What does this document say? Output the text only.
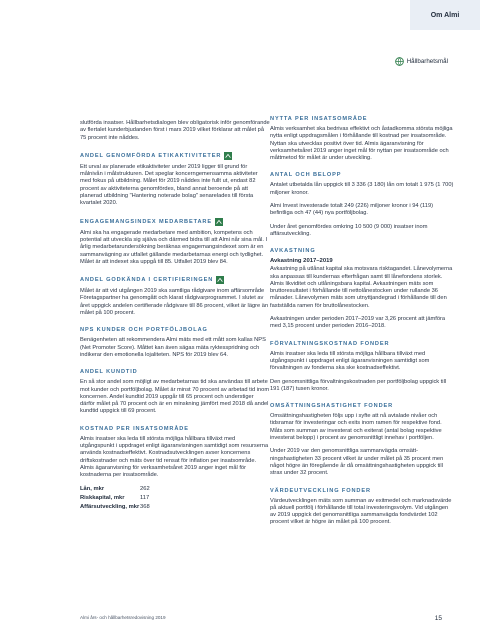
Om Almi
Hållbarhetsmål

slutförda insatser. Hållbarhetsdialogen blev obligatorisk inför genomförande av flertalet kunderbjudanden först i mars 2019 vilket förklarar att målet på 75 procent inte nåddes.

ANDEL GENOMFÖRDA ETIKAKTIVITETER

Ett urval av planerade etikaktiviteter under 2019 ligger till grund för målnivån i målstrukturen. Det speglar koncerngemensamma aktiviteter med fokus på utbildning. Målet för 2019 nåddes inte fullt ut, endast 82 procent av aktiviteterna genomfördes, bland annat beroende på att planerad utbildning "Hantering noterade bolag" senarelades till första kvartalet 2020.

ENGAGEMANGSINDEX MEDARBETARE

Almi ska ha engagerade medarbetare med ambition, kompetens och potential att utveckla sig själva och därmed bidra till att Almi når sina mål. I årlig medarbetarundersökning beräknas engagemangsindexet som är en sammanvägning av utfallet gällande medarbetarnas energi och tydlighet. Målet är att indexet ska uppgå till 85. Utfallet 2019 blev 84.

ANDEL GODKÄNDA I CERTIFIERINGEN

Målet är att vid utgången 2019 ska samtliga rådgivare inom affärsområde Företagspartner ha genomgått och klarat rådgivarprogrammet. I slutet av året uppgick andelen certifierade rådgivare till 86 procent, vilket är lägre än målet på 100 procent.

NPS KUNDER OCH PORTFÖLJBOLAG

Benägenheten att rekommendera Almi mäts med ett mått som kallas NPS (Net Promoter Score). Måttet kan även sägas mäta ryktesspridning och indikerar den emotionella lojaliteten. NPS för 2019 blev 64.

ANDEL KUNDTID

En så stor andel som möjligt av medarbetarnas tid ska användas till arbete mot kunder och portföljbolag. Målet är minst 70 procent av arbetad tid inom koncernen. Andel kundtid 2019 uppgår till 65 procent och understiger därför målet på 70 procent och är en minskning jämfört med 2018 då andel kundtid uppgick till 69 procent.

KOSTNAD PER INSATSOMRÅDE

Almis insatser ska leda till största möjliga hållbara tillväxt med utgångspunkt i uppdraget enligt ägaranvisningen samtidigt som resurserna används kostnadseffektivt. Kostnadsutvecklingen avser koncernens driftskostnader och mäts över tid rensat för inflation per insatsområde. Almis ägaranvisning för verksamhetsåret 2019 anger inget mål för kostnaderna per insatsområde.

Lån, mkr	262
Riskkapital, mkr	117
Affärsutveckling, mkr	368
NYTTA PER INSATSOMRÅDE

Almis verksamhet ska bedrivas effektivt och åstadkomma största möjliga nytta enligt uppdragsmålen i förhållande till kostnad per insatsområde. Nyttan ska utvecklas positivt över tid. Almis ägaranvisning för verksamhetsåret 2019 anger inget mål för nyttan per insatsområde och måttmetod för målet är under utveckling.

ANTAL OCH BELOPP

Antalet utbetalda lån uppgick till 3 336 (3 180) lån om totalt 1 975 (1 700) miljoner kronor.

Almi Invest investerade totalt 249 (226) miljoner kronor i 94 (119) befintliga och 47 (44) nya portföljbolag.

Under året genomfördes omkring 10 500 (9 000) insatser inom affärsutveckling.

AVKASTNING
Avkastning 2017–2019

Avkastning på utlånat kapital ska motsvara risktagandet. Lånevolymerna ska anpassas till kundernas efterfrågan samt till lånefondens storlek. Almis likviditet och utlåningsbara kapital. Avkastningen mäts som bruttoresultatet i förhållande till nettolånestocken under rullande 36 månader. Lånevolymen mäts som utnyttjandegrad i förhållande till den fastställda ramen för bruttolånestocken.

Avkastningen under perioden 2017–2019 var 3,26 procent att jämföra med 3,15 procent under perioden 2016–2018.

FÖRVALTNINGSKOSTNAD FONDER

Almis insatser ska leda till största möjliga hållbara tillväxt med utgångspunkt i uppdraget enligt ägaranvisningen samtidigt som förvaltningen av fonderna ska ske kostnadseffektivt.

Den genomsnittliga förvaltningskostnaden per portföljbolag uppgick till 191 (187) tusen kronor.

OMSÄTTNINGSHASTIGHET FONDER

Omsättningshastigheten följs upp i syfte att nå avtalade nivåer och tidsramar för investeringar och exits inom ramen för respektive fond. Måts som summan av investerat och exiterat (antal bolag respektive investerat belopp) i procent av genomsnittligt innehav i portföljen.

Under 2019 var den genomsnittliga sammanvägda omsättningshastigheten 33 procent vilket är under målet på 35 procent men något högre än föregående år då omsättningshastigheten uppgick till strax under 32 procent.

VÄRDEUTVECKLING FONDER

Värdeutvecklingen mäts som summan av exitmedel och marknadsvärde på aktuell portfölj i förhållande till total investeringsvolym. Vid utgången av 2019 uppgick det genomsnittliga sammanvägda fondvärdet 102 procent vilket är högre än målet på 100 procent.

Almi års- och hållbarhetsredovisning 2019	15
